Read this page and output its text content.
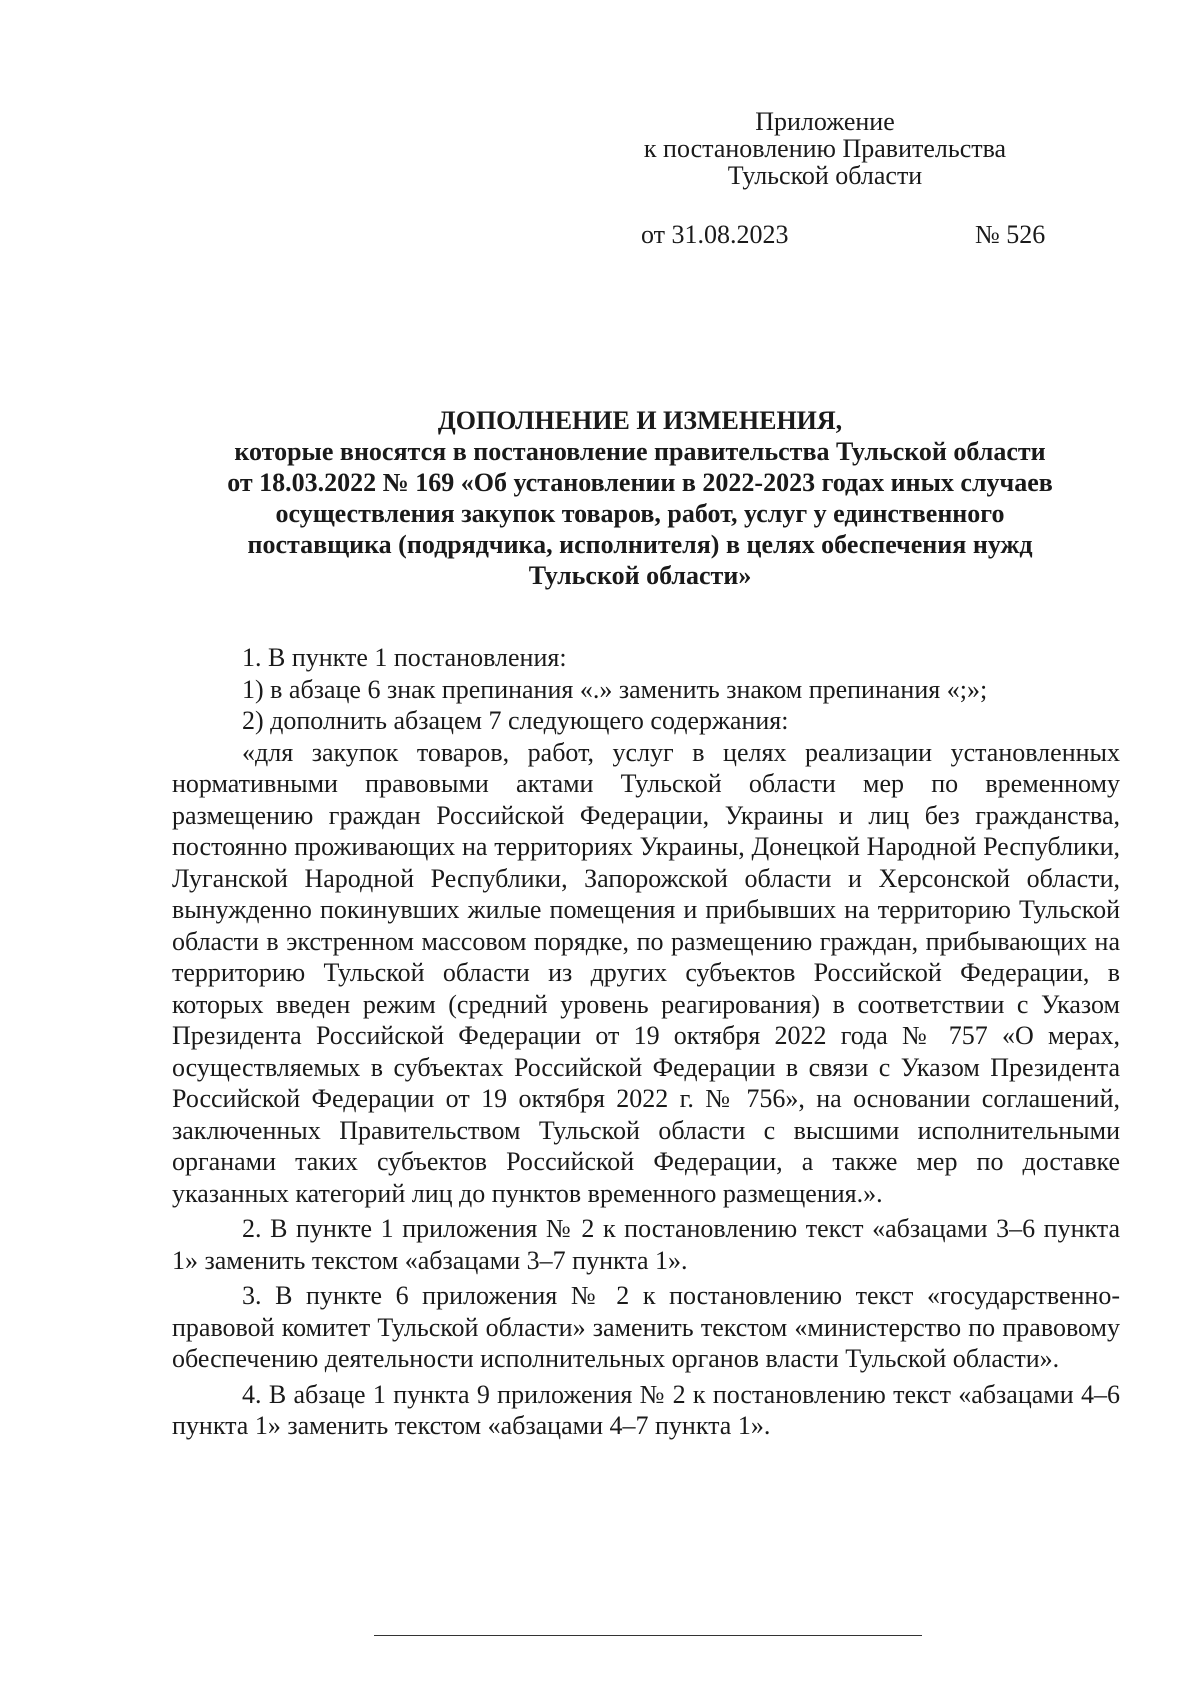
Приложение
к постановлению Правительства
Тульской области
от 31.08.2023	№ 526
ДОПОЛНЕНИЕ И ИЗМЕНЕНИЯ,
которые вносятся в постановление правительства Тульской области
от 18.03.2022 № 169 «Об установлении в 2022-2023 годах иных случаев
осуществления закупок товаров, работ, услуг у единственного
поставщика (подрядчика, исполнителя) в целях обеспечения нужд
Тульской области»

1. В пункте 1 постановления:

1) в абзаце 6 знак препинания «.» заменить знаком препинания «;»;

2) дополнить абзацем 7 следующего содержания:

«для закупок товаров, работ, услуг в целях реализации установленных нормативными правовыми актами Тульской области мер по временному размещению граждан Российской Федерации, Украины и лиц без гражданства, постоянно проживающих на территориях Украины, Донецкой Народной Республики, Луганской Народной Республики, Запорожской области и Херсонской области, вынужденно покинувших жилые помещения и прибывших на территорию Тульской области в экстренном массовом порядке, по размещению граждан, прибывающих на территорию Тульской области из других субъектов Российской Федерации, в которых введен режим (средний уровень реагирования) в соответствии с Указом Президента Российской Федерации от 19 октября 2022 года № 757 «О мерах, осуществляемых в субъектах Российской Федерации в связи с Указом Президента Российской Федерации от 19 октября 2022 г. № 756», на основании соглашений, заключенных Правительством Тульской области с высшими исполнительными органами таких субъектов Российской Федерации, а также мер по доставке указанных категорий лиц до пунктов временного размещения.».

2. В пункте 1 приложения № 2 к постановлению текст «абзацами 3–6 пункта 1» заменить текстом «абзацами 3–7 пункта 1».

3. В пункте 6 приложения № 2 к постановлению текст «государственно-правовой комитет Тульской области» заменить текстом «министерство по правовому обеспечению деятельности исполнительных органов власти Тульской области».

4. В абзаце 1 пункта 9 приложения № 2 к постановлению текст «абзацами 4–6 пункта 1» заменить текстом «абзацами 4–7 пункта 1».
